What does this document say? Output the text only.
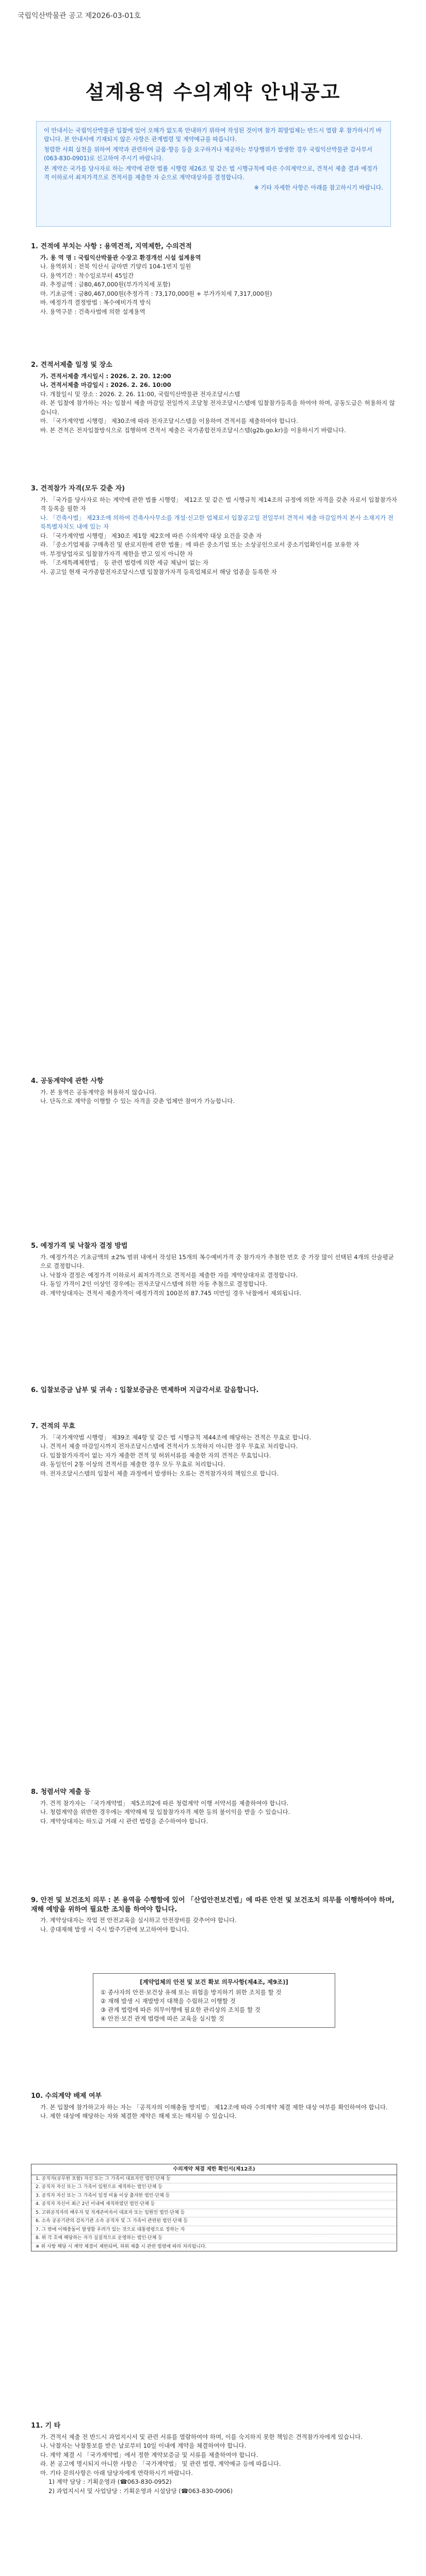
국립익산박물관 공고 제2026-03-01호
설계용역 수의계약 안내공고

이 안내서는 국립익산박물관 입찰에 있어 오해가 없도록 안내하기 위하여 작성된 것이며 참가 희망업체는 반드시 열람 후 참가하시기 바랍니다. 본 안내서에 기재되지 않은 사항은 관계법령 및 계약예규를 따릅니다.

청렴한 사회 실천을 위하여 계약과 관련하여 금품·향응 등을 요구하거나 제공하는 부당행위가 발생한 경우 국립익산박물관 감사부서(063-830-0901)로 신고하여 주시기 바랍니다.

본 계약은 국가를 당사자로 하는 계약에 관한 법률 시행령 제26조 및 같은 법 시행규칙에 따른 수의계약으로, 견적서 제출 결과 예정가격 이하로서 최저가격으로 견적서를 제출한 자 순으로 계약대상자를 결정합니다.

※ 기타 자세한 사항은 아래를 참고하시기 바랍니다.

1. 견적에 부치는 사항 : 용역견적, 지역제한, 수의견적

가. 용 역 명 : 국립익산박물관 수장고 환경개선 시설 설계용역

나. 용역위치 : 전북 익산시 금마면 기양리 104-1번지 일원

다. 용역기간 : 착수일로부터 45일간

라. 추정금액 : 금80,467,000원(부가가치세 포함)

마. 기초금액 : 금80,467,000원(추정가격 : 73,170,000원 + 부가가치세 7,317,000원)

바. 예정가격 결정방법 : 복수예비가격 방식

사. 용역구분 : 건축사법에 의한 설계용역

2. 견적서제출 일정 및 장소

가. 견적서제출 개시일시 : 2026. 2. 20. 12:00

나. 견적서제출 마감일시 : 2026. 2. 26. 10:00

다. 개찰일시 및 장소 : 2026. 2. 26. 11:00, 국립익산박물관 전자조달시스템

라. 본 입찰에 참가하는 자는 입찰서 제출 마감일 전일까지 조달청 전자조달시스템에 입찰참가등록을 하여야 하며, 공동도급은 허용하지 않습니다.

마. 「국가계약법 시행령」 제30조에 따라 전자조달시스템을 이용하여 견적서를 제출하여야 합니다.

바. 본 견적은 전자입찰방식으로 집행하며 견적서 제출은 국가종합전자조달시스템(g2b.go.kr)을 이용하시기 바랍니다.

3. 견적참가 자격(모두 갖춘 자)

가. 「국가를 당사자로 하는 계약에 관한 법률 시행령」 제12조 및 같은 법 시행규칙 제14조의 규정에 의한 자격을 갖춘 자로서 입찰참가자격 등록을 필한 자

나. 「건축사법」 제23조에 의하여 건축사사무소를 개설·신고한 업체로서 입찰공고일 전일부터 견적서 제출 마감일까지 본사 소재지가 전북특별자치도 내에 있는 자

다. 「국가계약법 시행령」 제30조 제1항 제2호에 따른 수의계약 대상 요건을 갖춘 자

라. 「중소기업제품 구매촉진 및 판로지원에 관한 법률」에 따른 중소기업 또는 소상공인으로서 중소기업확인서를 보유한 자

마. 부정당업자로 입찰참가자격 제한을 받고 있지 아니한 자

바. 「조세특례제한법」 등 관련 법령에 의한 세금 체납이 없는 자

사. 공고일 현재 국가종합전자조달시스템 입찰참가자격 등록업체로서 해당 업종을 등록한 자

4. 공동계약에 관한 사항

가. 본 용역은 공동계약을 허용하지 않습니다.

나. 단독으로 계약을 이행할 수 있는 자격을 갖춘 업체만 참여가 가능합니다.

5. 예정가격 및 낙찰자 결정 방법

가. 예정가격은 기초금액의 ±2% 범위 내에서 작성된 15개의 복수예비가격 중 참가자가 추첨한 번호 중 가장 많이 선택된 4개의 산술평균으로 결정합니다.

나. 낙찰자 결정은 예정가격 이하로서 최저가격으로 견적서를 제출한 자를 계약상대자로 결정합니다.

다. 동일 가격이 2인 이상인 경우에는 전자조달시스템에 의한 자동 추첨으로 결정합니다.

라. 계약상대자는 견적서 제출가격이 예정가격의 100분의 87.745 미만일 경우 낙찰에서 제외됩니다.

6. 입찰보증금 납부 및 귀속 : 입찰보증금은 면제하며 지급각서로 갈음합니다.
7. 견적의 무효

가. 「국가계약법 시행령」 제39조 제4항 및 같은 법 시행규칙 제44조에 해당하는 견적은 무효로 합니다.

나. 견적서 제출 마감일시까지 전자조달시스템에 견적서가 도착하지 아니한 경우 무효로 처리합니다.

다. 입찰참가자격이 없는 자가 제출한 견적 및 허위서류를 제출한 자의 견적은 무효입니다.

라. 동일인이 2통 이상의 견적서를 제출한 경우 모두 무효로 처리합니다.

마. 전자조달시스템의 입찰서 제출 과정에서 발생하는 오류는 견적참가자의 책임으로 합니다.

8. 청렴서약 제출 등

가. 견적 참가자는 「국가계약법」 제5조의2에 따른 청렴계약 이행 서약서를 제출하여야 합니다.

나. 청렴계약을 위반한 경우에는 계약해제 및 입찰참가자격 제한 등의 불이익을 받을 수 있습니다.

다. 계약상대자는 하도급 거래 시 관련 법령을 준수하여야 합니다.

9. 안전 및 보건조치 의무 : 본 용역을 수행함에 있어 「산업안전보건법」에 따른 안전 및 보건조치 의무를 이행하여야 하며, 재해 예방을 위하여 필요한 조치를 하여야 합니다.

가. 계약상대자는 작업 전 안전교육을 실시하고 안전장비를 갖추어야 합니다.

나. 중대재해 발생 시 즉시 발주기관에 보고하여야 합니다.

[계약업체의 안전 및 보건 확보 의무사항(제4조, 제9조)]
① 종사자의 안전·보건상 유해 또는 위험을 방지하기 위한 조치를 할 것
② 재해 발생 시 재발방지 대책을 수립하고 이행할 것
③ 관계 법령에 따른 의무이행에 필요한 관리상의 조치를 할 것
④ 안전·보건 관계 법령에 따른 교육을 실시할 것
10. 수의계약 배제 여부

가. 본 입찰에 참가하고자 하는 자는 「공직자의 이해충돌 방지법」 제12조에 따라 수의계약 체결 제한 대상 여부를 확인하여야 합니다.

나. 제한 대상에 해당하는 자와 체결한 계약은 해제 또는 해지될 수 있습니다.

수의계약 체결 제한 확인서(제12조)
1. 공직자(공무원 포함) 자신 또는 그 가족이 대표자인 법인·단체 등
2. 공직자 자신 또는 그 가족이 임원으로 재직하는 법인·단체 등
3. 공직자 자신 또는 그 가족이 일정 비율 이상 출자한 법인·단체 등
4. 공직자 자신이 최근 2년 이내에 재직하였던 법인·단체 등
5. 고위공직자의 배우자 및 직계존비속이 대표자 또는 임원인 법인·단체 등
6. 소속 공공기관의 감독기관 소속 공직자 및 그 가족이 관련된 법인·단체 등
7. 그 밖에 이해충돌이 발생할 우려가 있는 것으로 대통령령으로 정하는 자
8. 위 각 호에 해당하는 자가 실질적으로 운영하는 법인·단체 등
※ 위 사항 해당 시 계약 체결이 제한되며, 허위 제출 시 관련 법령에 따라 처리됩니다.
11. 기 타

가. 견적서 제출 전 반드시 과업지시서 및 관련 서류를 열람하여야 하며, 이를 숙지하지 못한 책임은 견적참가자에게 있습니다.

나. 낙찰자는 낙찰통보를 받은 날로부터 10일 이내에 계약을 체결하여야 합니다.

다. 계약 체결 시 「국가계약법」에서 정한 계약보증금 및 서류를 제출하여야 합니다.

라. 본 공고에 명시되지 아니한 사항은 「국가계약법」 및 관련 법령, 계약예규 등에 따릅니다.

마. 기타 문의사항은 아래 담당자에게 연락하시기 바랍니다.

1) 계약 담당 : 기획운영과 (☎063-830-0952)

2) 과업지시서 및 사업담당 : 기획운영과 시설담당 (☎063-830-0906)
